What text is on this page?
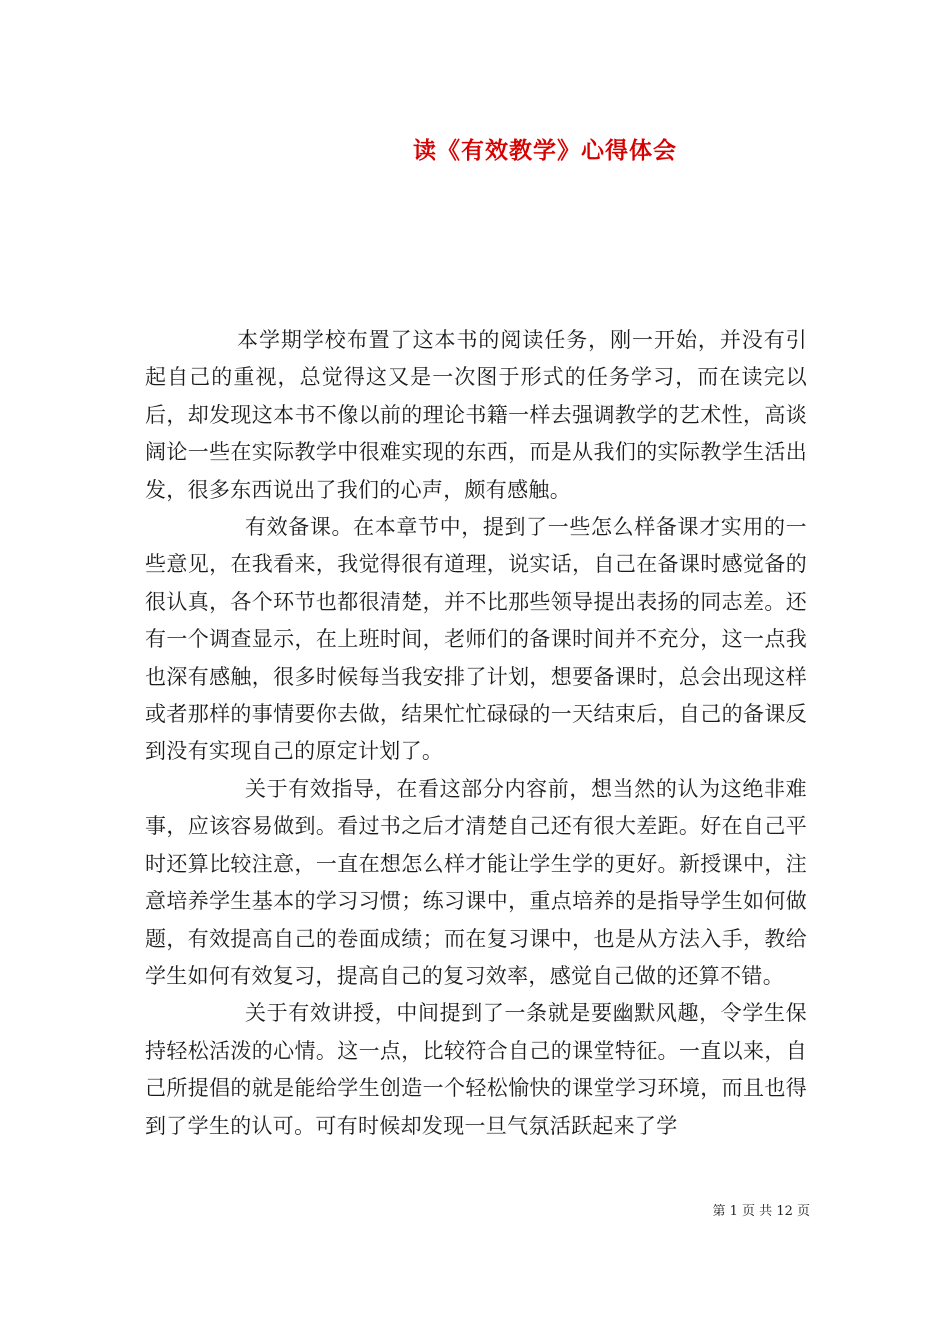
读《有效教学》心得体会

本学期学校布置了这本书的阅读任务，刚一开始，并没有引起自己的重视，总觉得这又是一次图于形式的任务学习，而在读完以后，却发现这本书不像以前的理论书籍一样去强调教学的艺术性，高谈阔论一些在实际教学中很难实现的东西，而是从我们的实际教学生活出发，很多东西说出了我们的心声，颇有感触。

有效备课。在本章节中，提到了一些怎么样备课才实用的一些意见，在我看来，我觉得很有道理，说实话，自己在备课时感觉备的很认真，各个环节也都很清楚，并不比那些领导提出表扬的同志差。还有一个调查显示，在上班时间，老师们的备课时间并不充分，这一点我也深有感触，很多时候每当我安排了计划，想要备课时，总会出现这样或者那样的事情要你去做，结果忙忙碌碌的一天结束后，自己的备课反到没有实现自己的原定计划了。

关于有效指导，在看这部分内容前，想当然的认为这绝非难事，应该容易做到。看过书之后才清楚自己还有很大差距。好在自己平时还算比较注意，一直在想怎么样才能让学生学的更好。新授课中，注意培养学生基本的学习习惯；练习课中，重点培养的是指导学生如何做题，有效提高自己的卷面成绩；而在复习课中，也是从方法入手，教给学生如何有效复习，提高自己的复习效率，感觉自己做的还算不错。

关于有效讲授，中间提到了一条就是要幽默风趣，令学生保持轻松活泼的心情。这一点，比较符合自己的课堂特征。一直以来，自己所提倡的就是能给学生创造一个轻松愉快的课堂学习环境，而且也得到了学生的认可。可有时候却发现一旦气氛活跃起来了学

第 1 页 共 12 页
